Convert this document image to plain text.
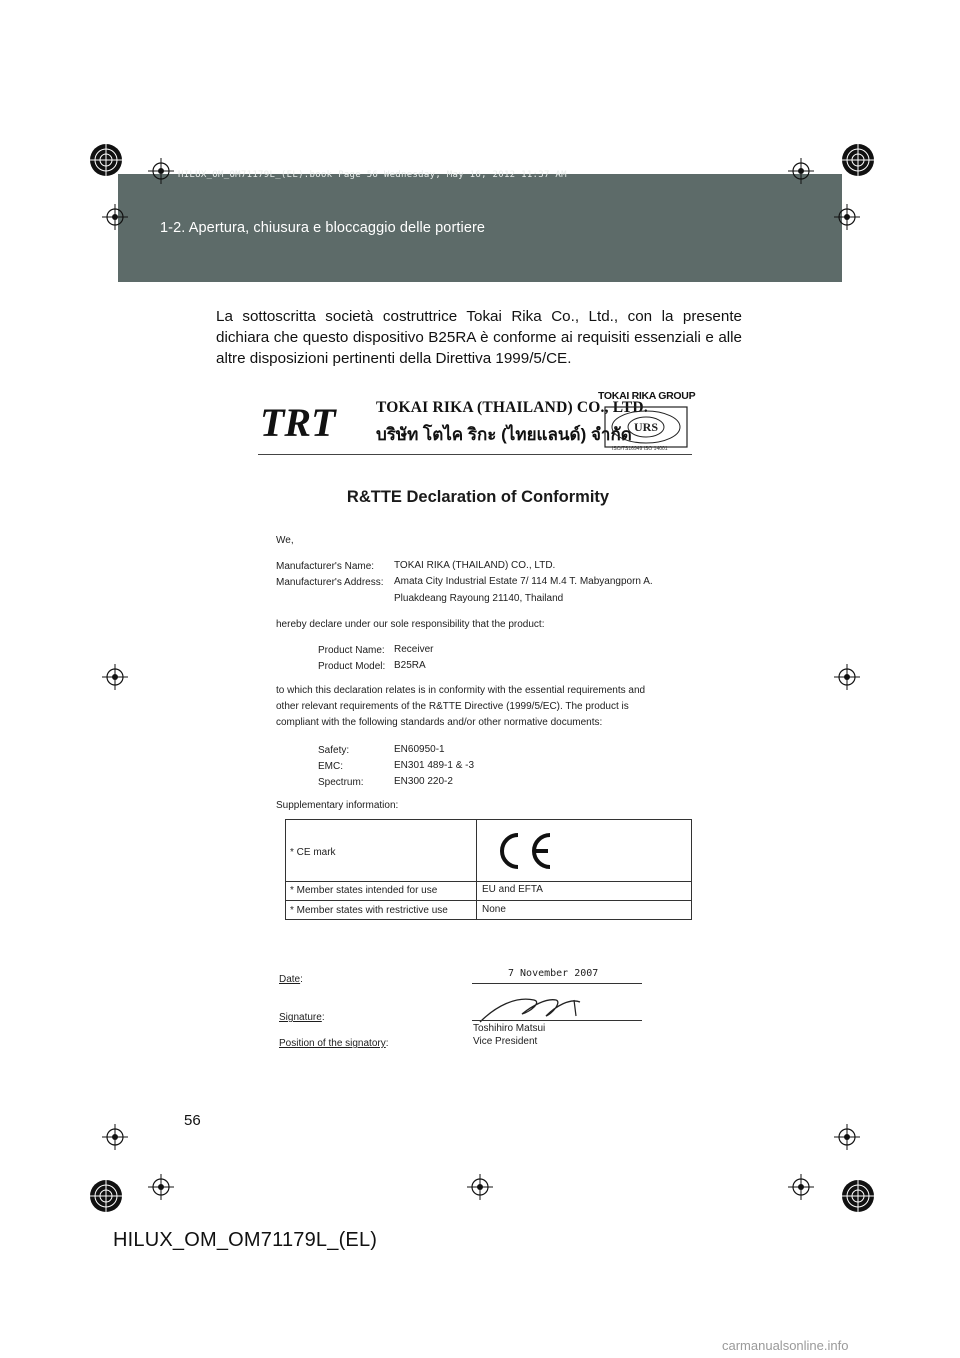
HILUX_OM_OM71179L_(EL).book Page 56 Wednesday, May 16, 2012 11:37 AM
1-2. Apertura, chiusura e bloccaggio delle portiere
La sottoscritta società costruttrice Tokai Rika Co., Ltd., con la presente dichiara che questo dispositivo B25RA è conforme ai requisiti essenziali e alle altre disposizioni pertinenti della Direttiva 1999/5/CE.
TRT	TOKAI RIKA (THAILAND) CO., LTD.
บริษัท โตไค ริกะ (ไทยแลนด์) จำกัด
TOKAI RIKA GROUP
URS
ISO/TS16949 ISO 14001
R&TTE Declaration of Conformity
We,
Manufacturer's Name: TOKAI RIKA (THAILAND) CO., LTD.
Manufacturer's Address: Amata City Industrial Estate 7/ 114 M.4 T. Mabyangporn A.
Pluakdeang Rayoung 21140, Thailand
hereby declare under our sole responsibility that the product:
Product Name: Receiver
Product Model: B25RA
to which this declaration relates is in conformity with the essential requirements and
other relevant requirements of the R&TTE Directive (1999/5/EC). The product is
compliant with the following standards and/or other normative documents:
Safety:	EN60950-1
EMC:	EN301 489-1 & -3
Spectrum:	EN300 220-2
Supplementary information:
* CE mark
* Member states intended for use	EU and EFTA
* Member states with restrictive use	None
Date:
7 November 2007
Signature:
Toshihiro Matsui
Position of the signatory:	Vice President
56
HILUX_OM_OM71179L_(EL)
carmanualsonline.info
